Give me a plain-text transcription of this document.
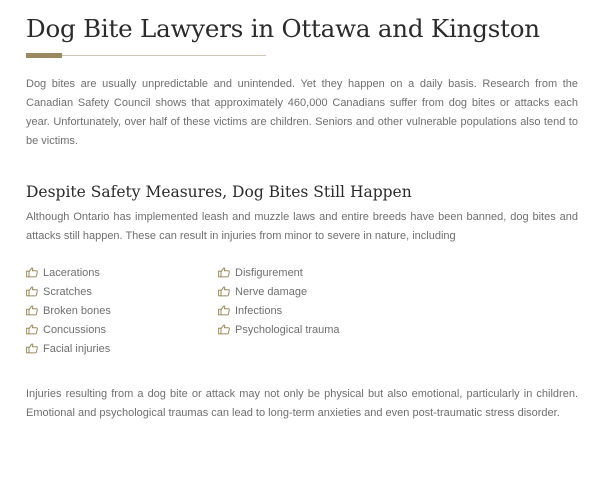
Dog Bite Lawyers in Ottawa and Kingston

Dog bites are usually unpredictable and unintended. Yet they happen on a daily basis. Research from the Canadian Safety Council shows that approximately 460,000 Canadians suffer from dog bites or attacks each year. Unfortunately, over half of these victims are children. Seniors and other vulnerable populations also tend to be victims.

Despite Safety Measures, Dog Bites Still Happen

Although Ontario has implemented leash and muzzle laws and entire breeds have been banned, dog bites and attacks still happen. These can result in injuries from minor to severe in nature, including

Lacerations
Scratches
Broken bones
Concussions
Facial injuries
Disfigurement
Nerve damage
Infections
Psychological trauma

Injuries resulting from a dog bite or attack may not only be physical but also emotional, particularly in children. Emotional and psychological traumas can lead to long-term anxieties and even post-traumatic stress disorder.
